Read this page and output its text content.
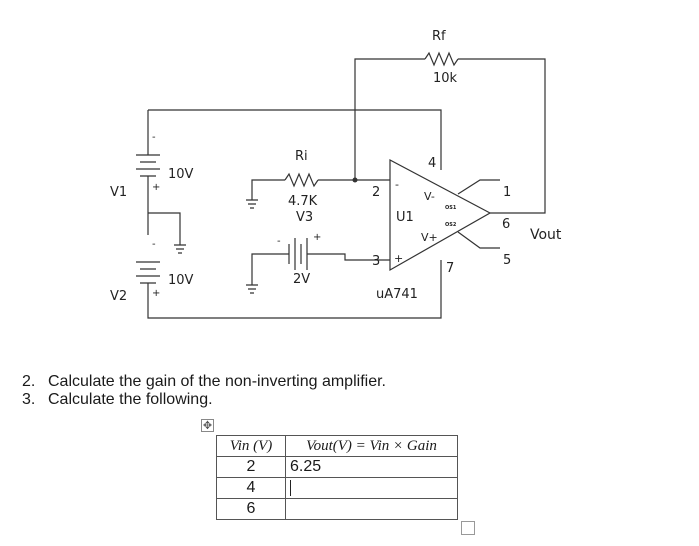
Rf
10k
V1
10V
+
-
V2
10V
+
-
Ri
4.7K
V3
2V
-	+
2
3
4
7
6
-
+
V-
V+
OS1
OS2
U1
uA741
1
5
Vout
2. Calculate the gain of the non-inverting amplifier.
3. Calculate the following.
✥
Vin (V)	Vout(V) = Vin × Gain
2	6.25
4	
6	
